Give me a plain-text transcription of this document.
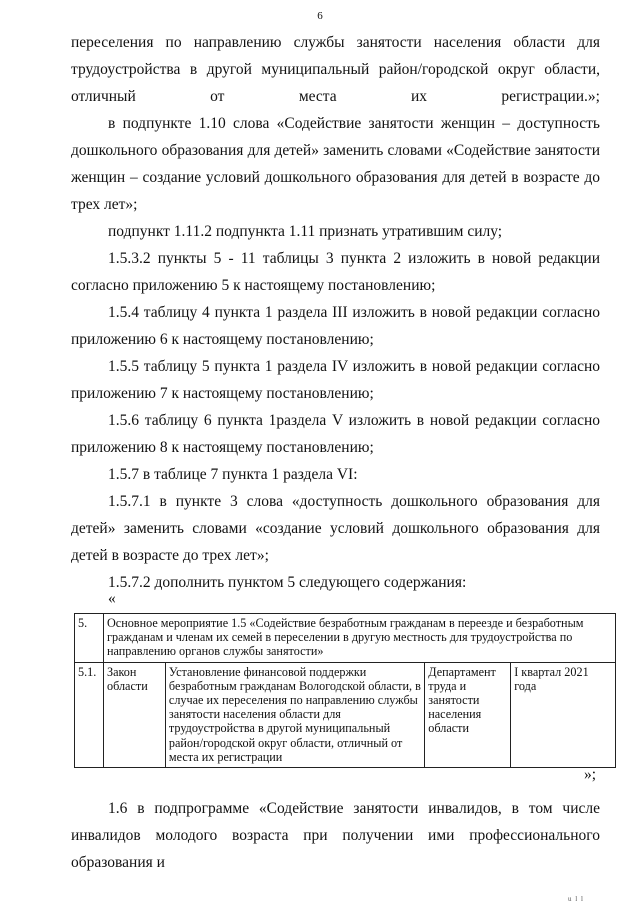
6

переселения по направлению службы занятости населения области для трудоустройства в другой муниципальный район/городской округ области, отличный от места их регистрации.»;

в подпункте 1.10 слова «Содействие занятости женщин – доступность дошкольного образования для детей» заменить словами «Содействие занятости женщин – создание условий дошкольного образования для детей в возрасте до трех лет»;

подпункт 1.11.2 подпункта 1.11 признать утратившим силу;

1.5.3.2 пункты 5 - 11 таблицы 3 пункта 2 изложить в новой редакции согласно приложению 5 к настоящему постановлению;

1.5.4 таблицу 4 пункта 1 раздела III изложить в новой редакции согласно приложению 6 к настоящему постановлению;

1.5.5 таблицу 5 пункта 1 раздела IV изложить в новой редакции согласно приложению 7 к настоящему постановлению;

1.5.6 таблицу 6 пункта 1раздела V изложить в новой редакции согласно приложению 8 к настоящему постановлению;

1.5.7 в таблице 7 пункта 1 раздела VI:

1.5.7.1 в пункте 3 слова «доступность дошкольного образования для детей» заменить словами «создание условий дошкольного образования для детей в возрасте до трех лет»;

1.5.7.2 дополнить пунктом 5 следующего содержания:

«
5.	Основное мероприятие 1.5 «Содействие безработным гражданам в переезде и безработным гражданам и членам их семей в переселении в другую местность для трудоустройства по направлению органов службы занятости»			
5.1.	Закон области	Установление финансовой поддержки безработным гражданам Вологодской области, в случае их переселения по направлению службы занятости населения области для трудоустройства в другой муниципальный район/городской округ области, отличный от места их регистрации	Департамент труда и занятости населения области	I квартал 2021 года
»;

1.6 в подпрограмме «Содействие занятости инвалидов, в том числе инвалидов молодого возраста при получении ими профессионального образования и

u l l
